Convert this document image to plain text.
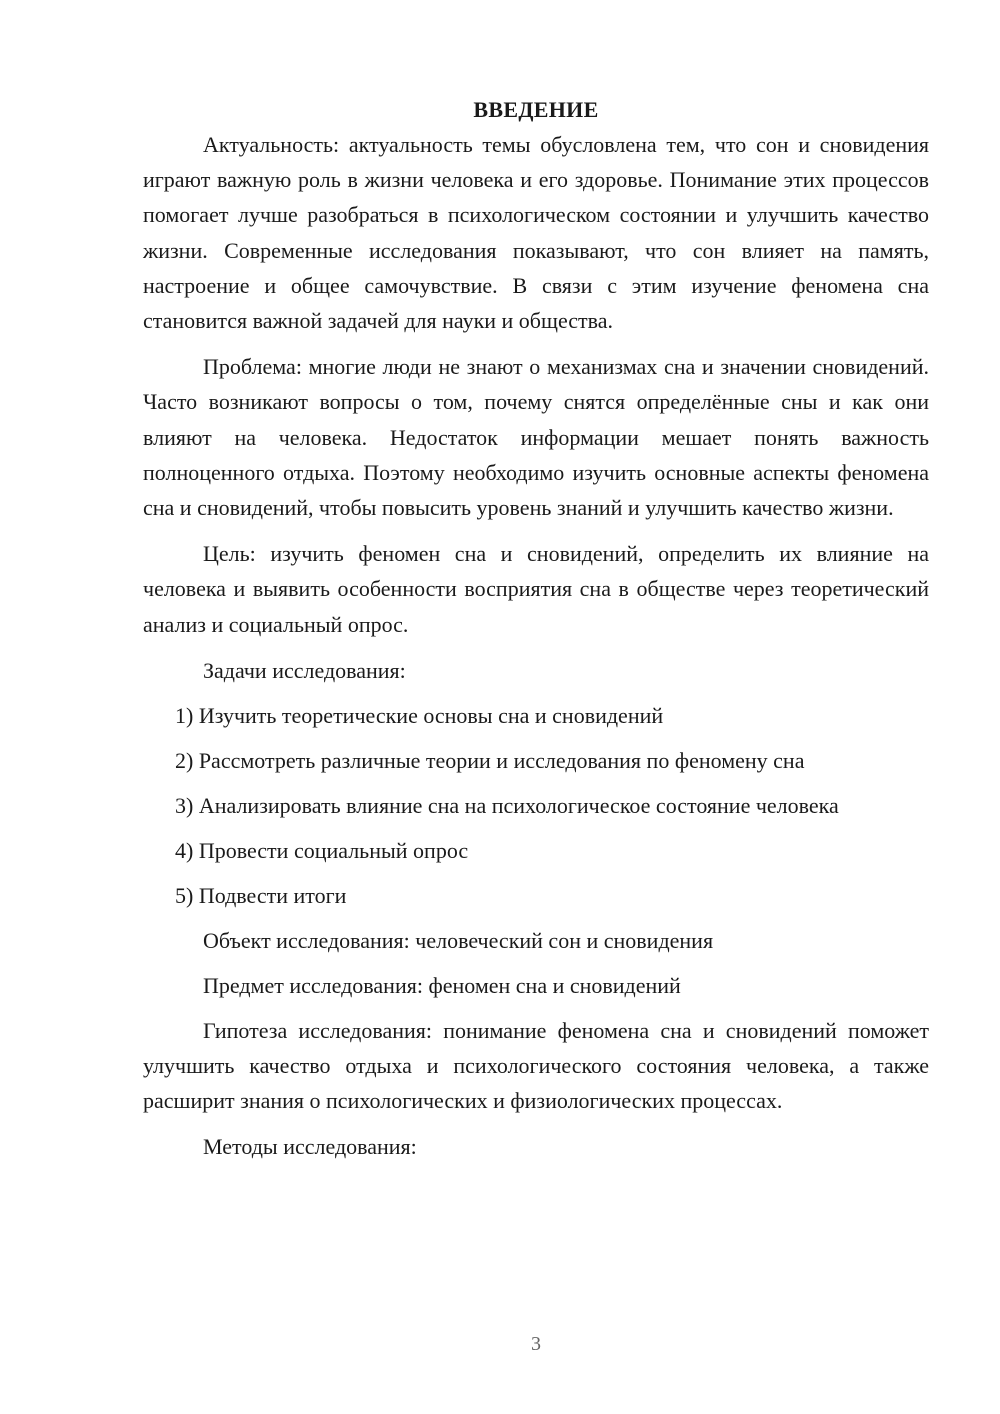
ВВЕДЕНИЕ

Актуальность: актуальность темы обусловлена тем, что сон и сновидения играют важную роль в жизни человека и его здоровье. Понимание этих процессов помогает лучше разобраться в психологическом состоянии и улучшить качество жизни. Современные исследования показывают, что сон влияет на память, настроение и общее самочувствие. В связи с этим изучение феномена сна становится важной задачей для науки и общества.

Проблема: многие люди не знают о механизмах сна и значении сновидений. Часто возникают вопросы о том, почему снятся определённые сны и как они влияют на человека. Недостаток информации мешает понять важность полноценного отдыха. Поэтому необходимо изучить основные аспекты феномена сна и сновидений, чтобы повысить уровень знаний и улучшить качество жизни.

Цель: изучить феномен сна и сновидений, определить их влияние на человека и выявить особенности восприятия сна в обществе через теоретический анализ и социальный опрос.

Задачи исследования:
1) Изучить теоретические основы сна и сновидений
2) Рассмотреть различные теории и исследования по феномену сна
3) Анализировать влияние сна на психологическое состояние человека
4) Провести социальный опрос
5) Подвести итоги
Объект исследования: человеческий сон и сновидения
Предмет исследования: феномен сна и сновидений

Гипотеза исследования: понимание феномена сна и сновидений поможет улучшить качество отдыха и психологического состояния человека, а также расширит знания о психологических и физиологических процессах.

Методы исследования:
3
